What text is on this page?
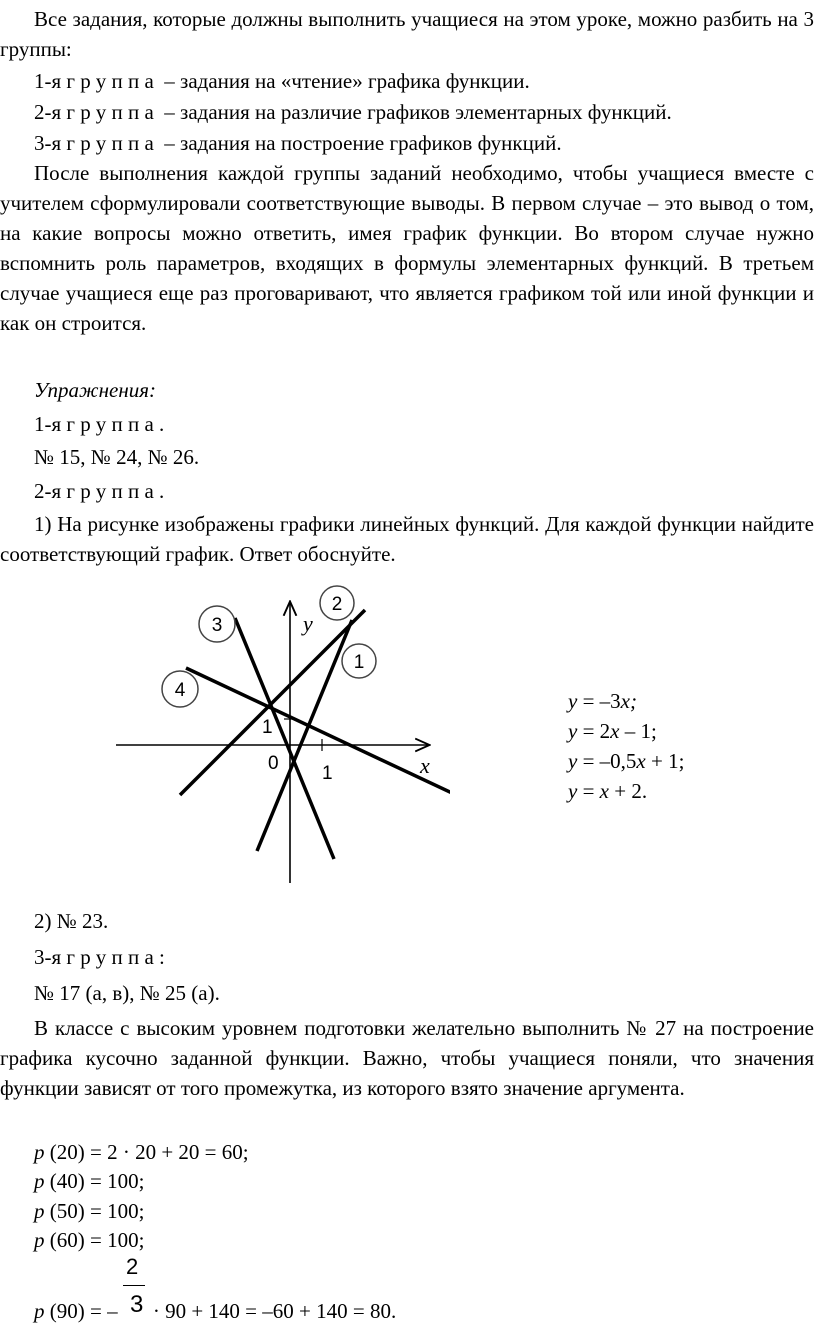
Все задания, которые должны выполнить учащиеся на этом уроке, можно разбить на 3 группы:

1-я группа – задания на «чтение» графика функции.

2-я группа – задания на различие графиков элементарных функций.

3-я группа – задания на построение графиков функций.

После выполнения каждой группы заданий необходимо, чтобы учащиеся вместе с учителем сформулировали соответствующие выводы. В первом случае – это вывод о том, на какие вопросы можно ответить, имея график функции. Во втором случае нужно вспомнить роль параметров, входящих в формулы элементарных функций. В третьем случае учащиеся еще раз проговаривают, что является графиком той или иной функции и как он строится.

Упражнения:

1-я группа.

№ 15, № 24, № 26.

2-я группа.

1) На рисунке изображены графики линейных функций. Для каждой функции найдите соответствующий график. Ответ обоснуйте.

y
x
0 1
1
3
2
1
4	y = –3x;
y = 2x – 1;
y = –0,5x + 1;
y = x + 2.

2) № 23.

3-я группа:

№ 17 (а, в), № 25 (а).

В классе с высоким уровнем подготовки желательно выполнить № 27 на построение графика кусочно заданной функции. Важно, чтобы учащиеся поняли, что значения функции зависят от того промежутка, из которого взято значение аргумента.

p (20) = 2 · 20 + 20 = 60;

p (40) = 100;

p (50) = 100;

p (60) = 100;

2
3

p (90) = – · 90 + 140 = –60 + 140 = 80.
